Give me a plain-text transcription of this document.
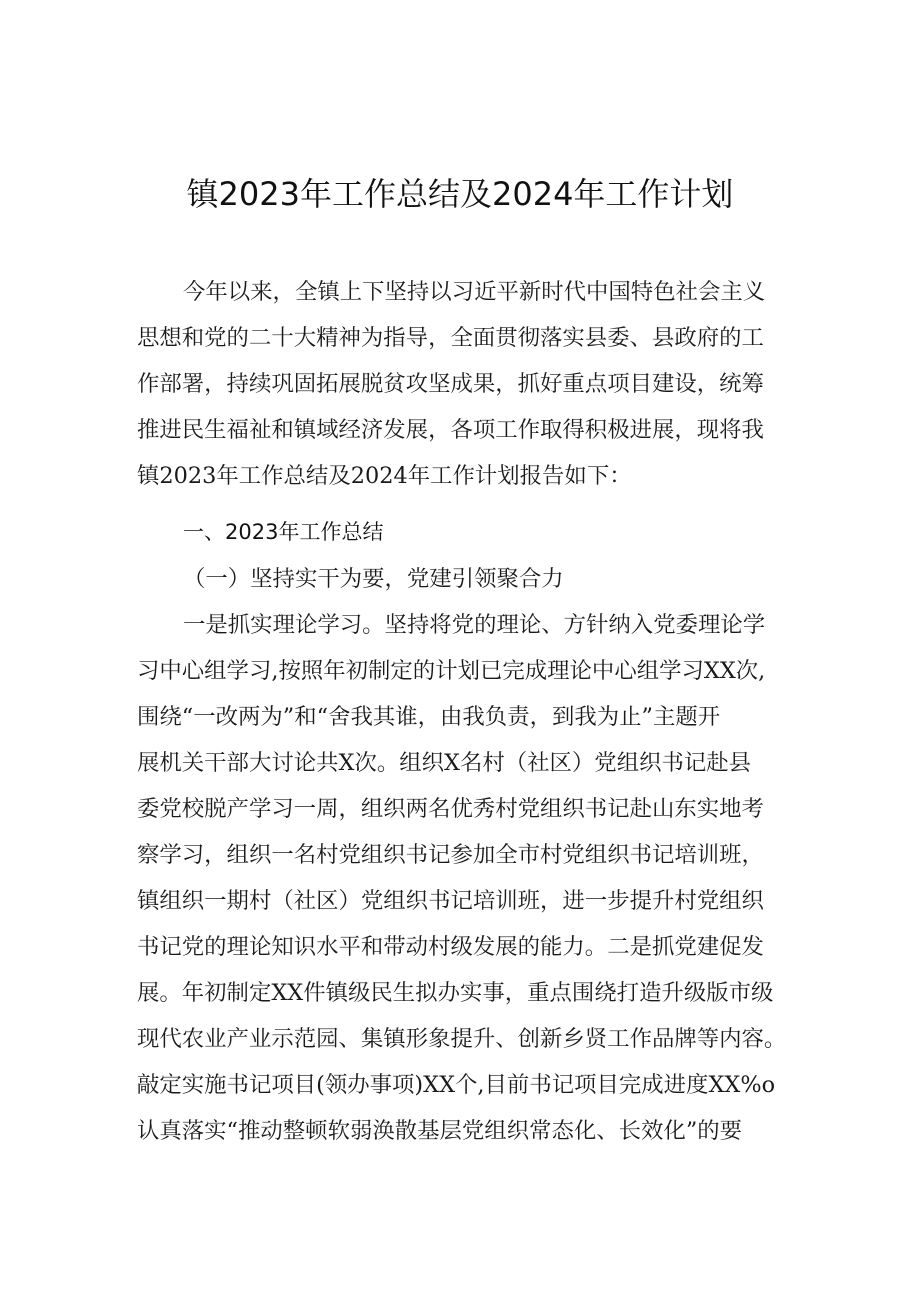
镇2023年工作总结及2024年工作计划
今年以来，全镇上下坚持以习近平新时代中国特色社会主义
思想和党的二十大精神为指导，全面贯彻落实县委、县政府的工
作部署，持续巩固拓展脱贫攻坚成果，抓好重点项目建设，统筹
推进民生福祉和镇域经济发展，各项工作取得积极进展，现将我
镇2023年工作总结及2024年工作计划报告如下：
一、2023年工作总结
（一）坚持实干为要，党建引领聚合力
一是抓实理论学习。坚持将党的理论、方针纳入党委理论学
习中心组学习,按照年初制定的计划已完成理论中心组学习XX次,
围绕“一改两为”和“舍我其谁，由我负责，到我为止”主题开
展机关干部大讨论共X次。组织X名村（社区）党组织书记赴县
委党校脱产学习一周，组织两名优秀村党组织书记赴山东实地考
察学习，组织一名村党组织书记参加全市村党组织书记培训班，
镇组织一期村（社区）党组织书记培训班，进一步提升村党组织
书记党的理论知识水平和带动村级发展的能力。二是抓党建促发
展。年初制定XX件镇级民生拟办实事，重点围绕打造升级版市级
现代农业产业示范园、集镇形象提升、创新乡贤工作品牌等内容。
敲定实施书记项目(领办事项)XX个,目前书记项目完成进度XX%o
认真落实“推动整顿软弱涣散基层党组织常态化、长效化”的要
